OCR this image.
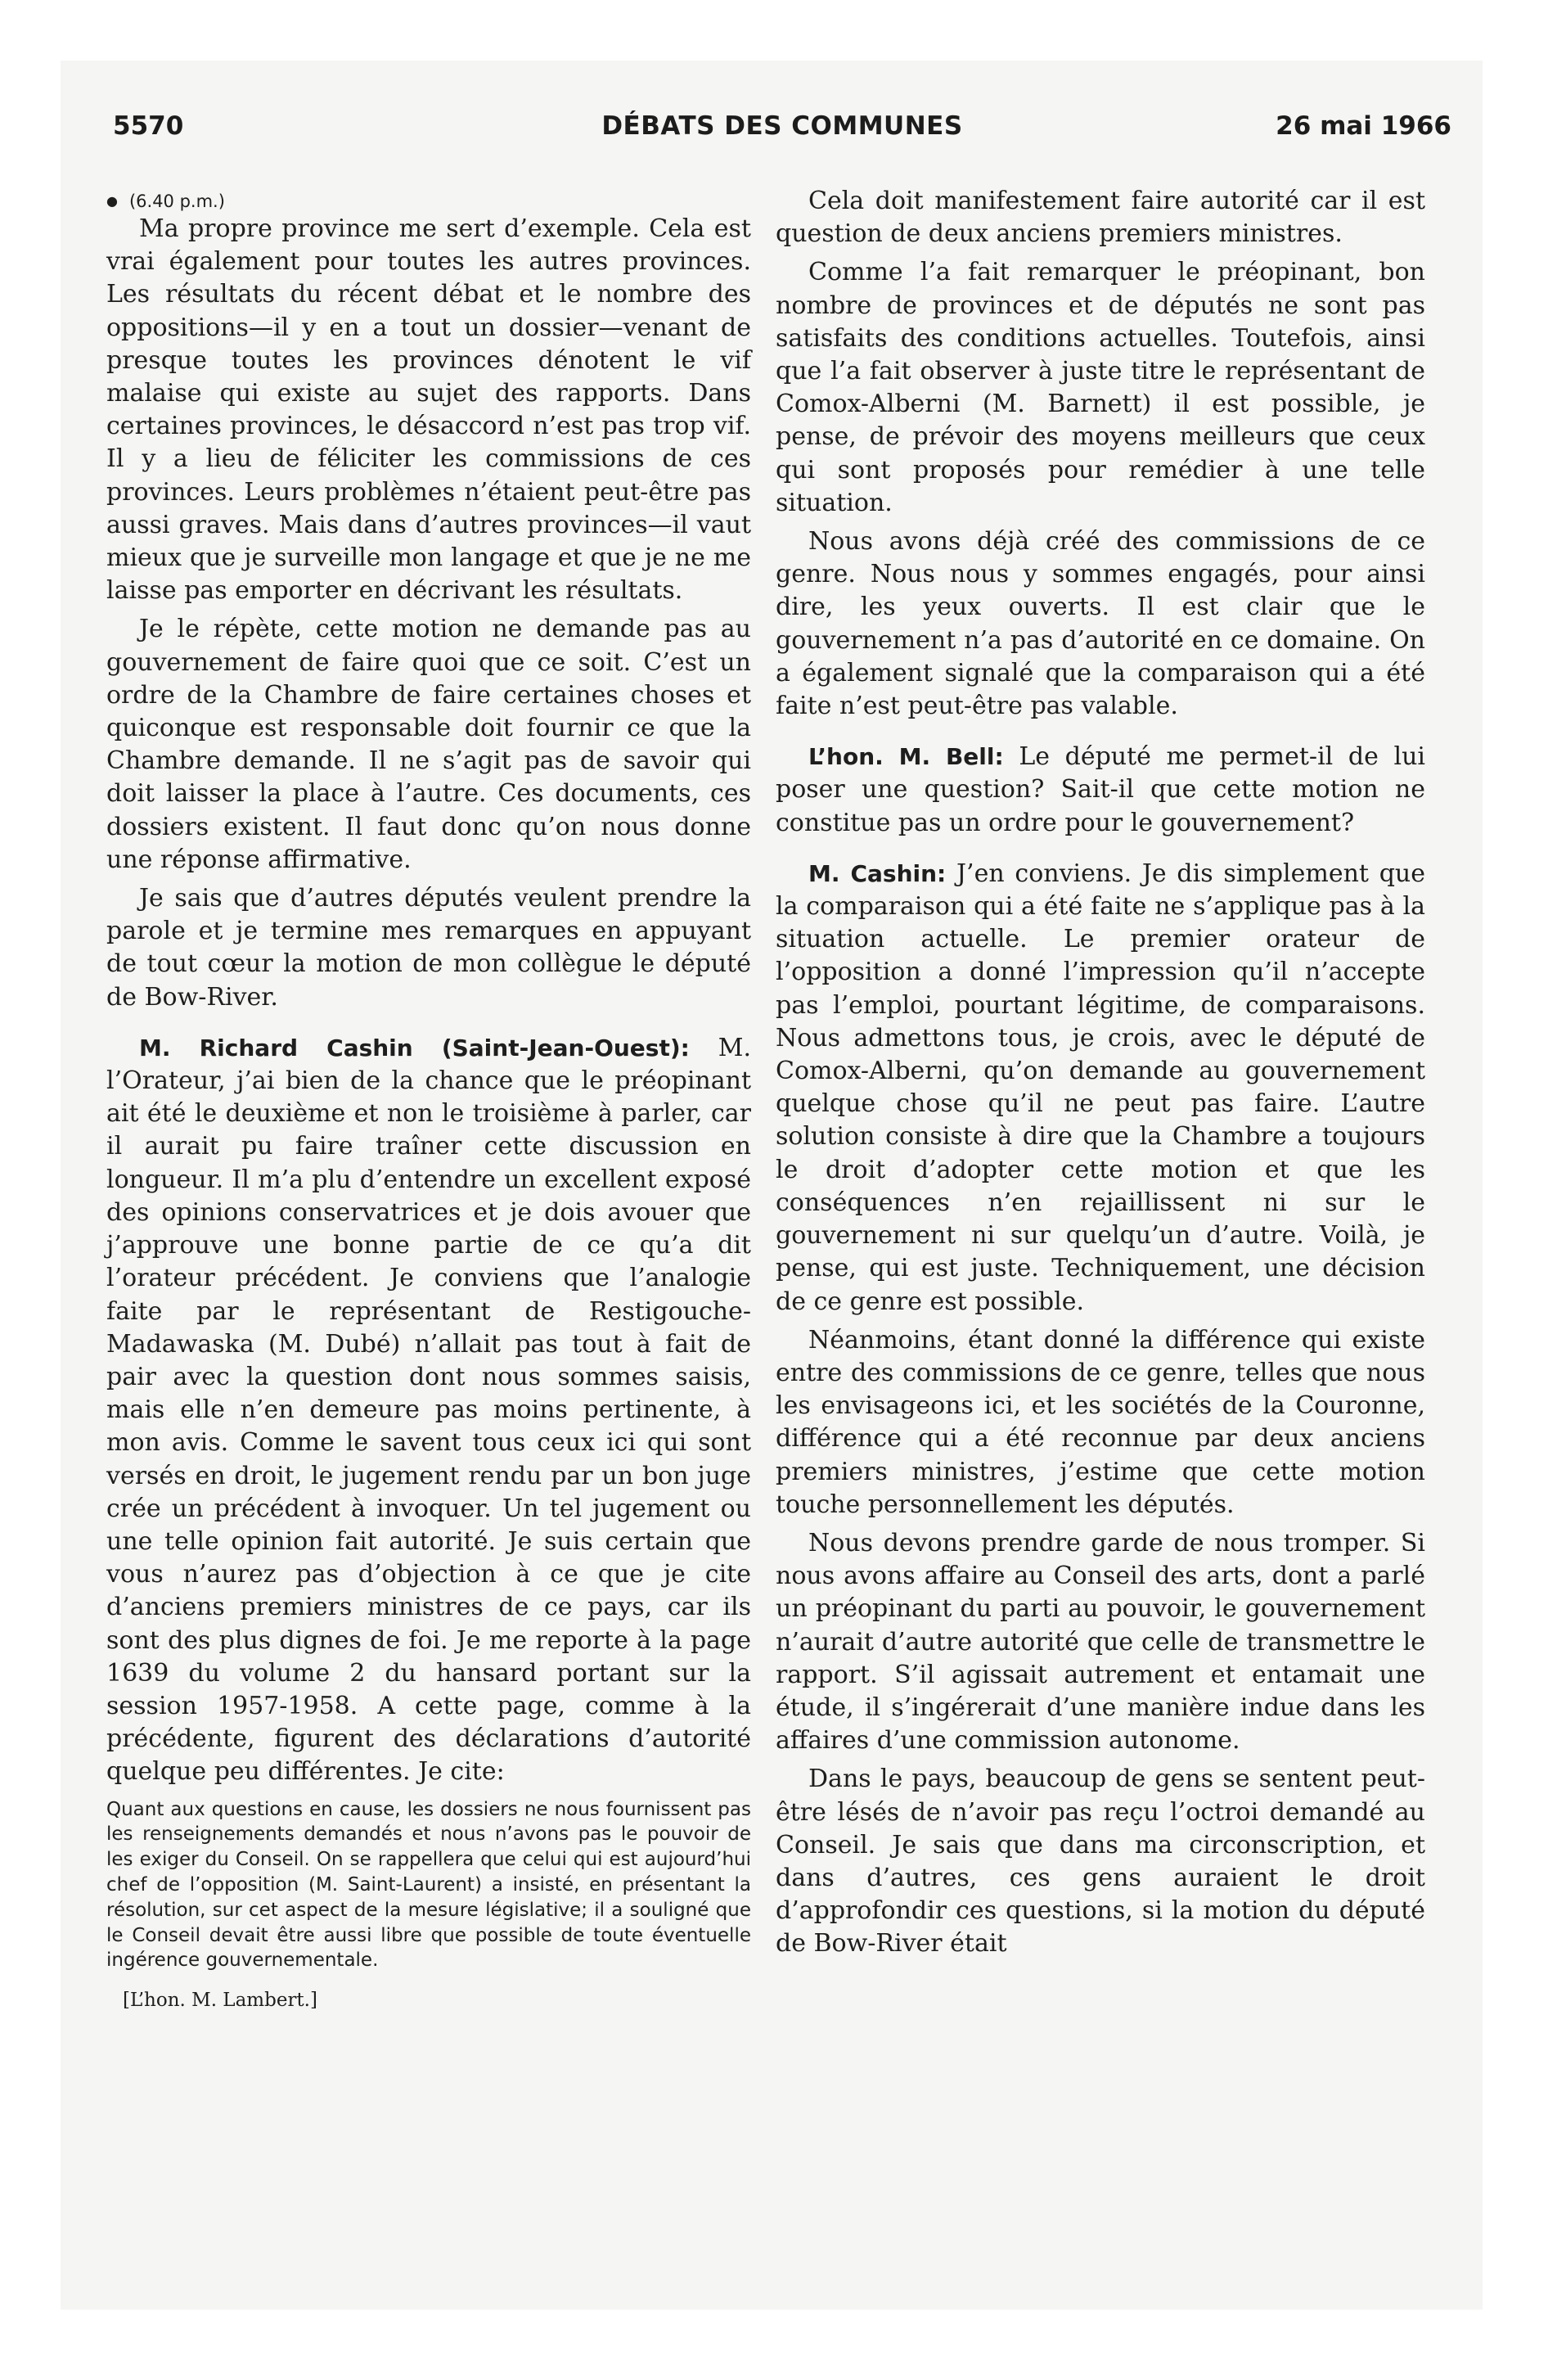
5570	DÉBATS DES COMMUNES	26 mai 1966

● (6.40 p.m.)

Ma propre province me sert d’exemple. Cela est vrai également pour toutes les autres provinces. Les résultats du récent débat et le nombre des oppositions—il y en a tout un dossier—venant de presque toutes les provinces dénotent le vif malaise qui existe au sujet des rapports. Dans certaines provinces, le désaccord n’est pas trop vif. Il y a lieu de féliciter les commissions de ces provinces. Leurs problèmes n’étaient peut-être pas aussi graves. Mais dans d’autres provinces—il vaut mieux que je surveille mon langage et que je ne me laisse pas emporter en décrivant les résultats.

Je le répète, cette motion ne demande pas au gouvernement de faire quoi que ce soit. C’est un ordre de la Chambre de faire certaines choses et quiconque est responsable doit fournir ce que la Chambre demande. Il ne s’agit pas de savoir qui doit laisser la place à l’autre. Ces documents, ces dossiers existent. Il faut donc qu’on nous donne une réponse affirmative.

Je sais que d’autres députés veulent prendre la parole et je termine mes remarques en appuyant de tout cœur la motion de mon collègue le député de Bow-River.

M. Richard Cashin (Saint-Jean-Ouest): M. l’Orateur, j’ai bien de la chance que le préopinant ait été le deuxième et non le troisième à parler, car il aurait pu faire traîner cette discussion en longueur. Il m’a plu d’entendre un excellent exposé des opinions conservatrices et je dois avouer que j’approuve une bonne partie de ce qu’a dit l’orateur précédent. Je conviens que l’analogie faite par le représentant de Restigouche-Madawaska (M. Dubé) n’allait pas tout à fait de pair avec la question dont nous sommes saisis, mais elle n’en demeure pas moins pertinente, à mon avis. Comme le savent tous ceux ici qui sont versés en droit, le jugement rendu par un bon juge crée un précédent à invoquer. Un tel jugement ou une telle opinion fait autorité. Je suis certain que vous n’aurez pas d’objection à ce que je cite d’anciens premiers ministres de ce pays, car ils sont des plus dignes de foi. Je me reporte à la page 1639 du volume 2 du hansard portant sur la session 1957-1958. A cette page, comme à la précédente, figurent des déclarations d’autorité quelque peu différentes. Je cite:

Quant aux questions en cause, les dossiers ne nous fournissent pas les renseignements demandés et nous n’avons pas le pouvoir de les exiger du Conseil. On se rappellera que celui qui est aujourd’hui chef de l’opposition (M. Saint-Laurent) a insisté, en présentant la résolution, sur cet aspect de la mesure législative; il a souligné que le Conseil devait être aussi libre que possible de toute éventuelle ingérence gouvernementale.

[L’hon. M. Lambert.]

Cela doit manifestement faire autorité car il est question de deux anciens premiers ministres.

Comme l’a fait remarquer le préopinant, bon nombre de provinces et de députés ne sont pas satisfaits des conditions actuelles. Toutefois, ainsi que l’a fait observer à juste titre le représentant de Comox-Alberni (M. Barnett) il est possible, je pense, de prévoir des moyens meilleurs que ceux qui sont proposés pour remédier à une telle situation.

Nous avons déjà créé des commissions de ce genre. Nous nous y sommes engagés, pour ainsi dire, les yeux ouverts. Il est clair que le gouvernement n’a pas d’autorité en ce domaine. On a également signalé que la comparaison qui a été faite n’est peut-être pas valable.

L’hon. M. Bell: Le député me permet-il de lui poser une question? Sait-il que cette motion ne constitue pas un ordre pour le gouvernement?

M. Cashin: J’en conviens. Je dis simplement que la comparaison qui a été faite ne s’applique pas à la situation actuelle. Le premier orateur de l’opposition a donné l’impression qu’il n’accepte pas l’emploi, pourtant légitime, de comparaisons. Nous admettons tous, je crois, avec le député de Comox-Alberni, qu’on demande au gouvernement quelque chose qu’il ne peut pas faire. L’autre solution consiste à dire que la Chambre a toujours le droit d’adopter cette motion et que les conséquences n’en rejaillissent ni sur le gouvernement ni sur quelqu’un d’autre. Voilà, je pense, qui est juste. Techniquement, une décision de ce genre est possible.

Néanmoins, étant donné la différence qui existe entre des commissions de ce genre, telles que nous les envisageons ici, et les sociétés de la Couronne, différence qui a été reconnue par deux anciens premiers ministres, j’estime que cette motion touche personnellement les députés.

Nous devons prendre garde de nous tromper. Si nous avons affaire au Conseil des arts, dont a parlé un préopinant du parti au pouvoir, le gouvernement n’aurait d’autre autorité que celle de transmettre le rapport. S’il agissait autrement et entamait une étude, il s’ingérerait d’une manière indue dans les affaires d’une commission autonome.

Dans le pays, beaucoup de gens se sentent peut-être lésés de n’avoir pas reçu l’octroi demandé au Conseil. Je sais que dans ma circonscription, et dans d’autres, ces gens auraient le droit d’approfondir ces questions, si la motion du député de Bow-River était
